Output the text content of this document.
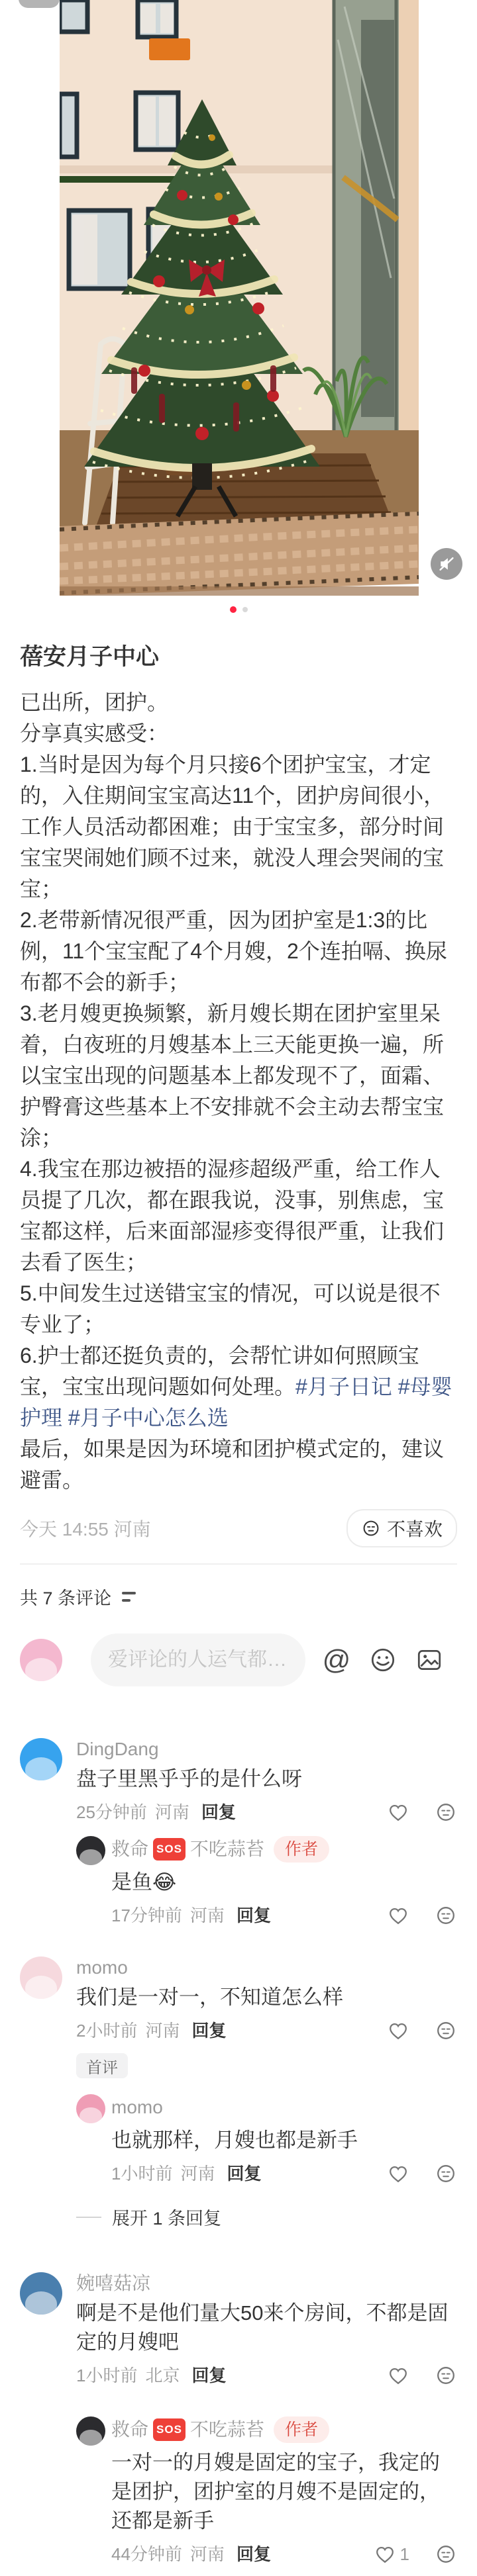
蓓安月子中心

已出所，团护。

分享真实感受：

1.当时是因为每个月只接6个团护宝宝，才定的，入住期间宝宝高达11个，团护房间很小，工作人员活动都困难；由于宝宝多，部分时间宝宝哭闹她们顾不过来，就没人理会哭闹的宝宝；

2.老带新情况很严重，因为团护室是1:3的比例，11个宝宝配了4个月嫂，2个连拍嗝、换尿布都不会的新手；

3.老月嫂更换频繁，新月嫂长期在团护室里呆着，白夜班的月嫂基本上三天能更换一遍，所以宝宝出现的问题基本上都发现不了，面霜、护臀膏这些基本上不安排就不会主动去帮宝宝涂；

4.我宝在那边被捂的湿疹超级严重，给工作人员提了几次，都在跟我说，没事，别焦虑，宝宝都这样，后来面部湿疹变得很严重，让我们去看了医生；

5.中间发生过送错宝宝的情况，可以说是很不专业了；

6.护士都还挺负责的，会帮忙讲如何照顾宝宝，宝宝出现问题如何处理。#月子日记 #母婴护理 #月子中心怎么选

最后，如果是因为环境和团护模式定的，建议避雷。

今天 14:55 河南	不喜欢
共 7 条评论
爱评论的人运气都…
@
DingDang
盘子里黑乎乎的是什么呀
25分钟前 河南 回复
救命 SOS 不吃蒜苔	作者
是鱼😂
17分钟前 河南 回复
momo
我们是一对一，不知道怎么样
2小时前 河南 回复
首评
momo
也就那样，月嫂也都是新手
1小时前 河南 回复
展开 1 条回复
婉嘻菇凉
啊是不是他们量大50来个房间，不都是固定的月嫂吧
1小时前 北京 回复
救命 SOS 不吃蒜苔	作者
一对一的月嫂是固定的宝子，我定的是团护，团护室的月嫂不是固定的，还都是新手
44分钟前 河南 回复	1
